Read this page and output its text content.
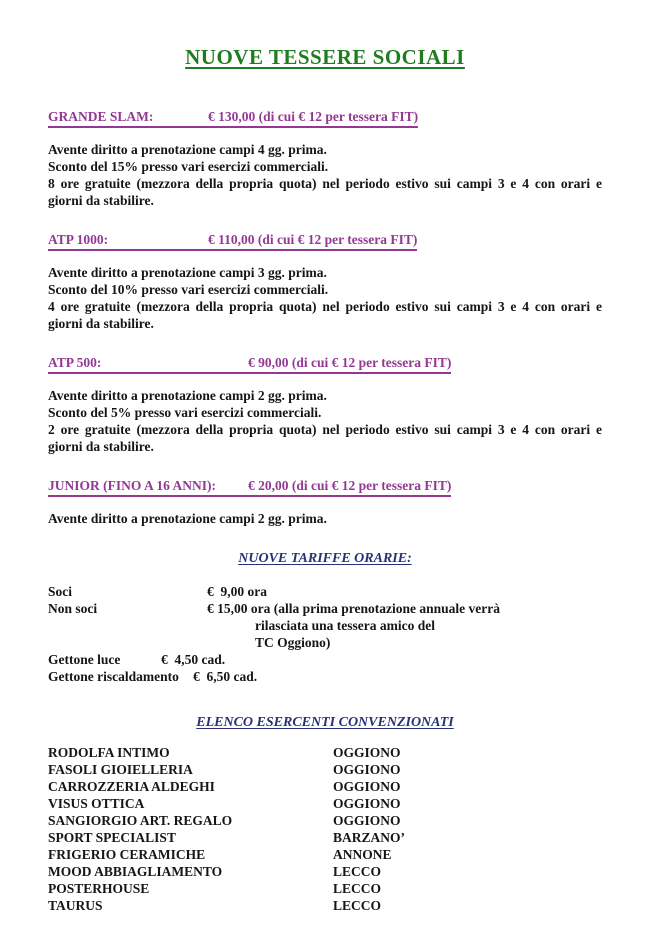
NUOVE TESSERE SOCIALI
GRANDE SLAM:	€ 130,00 (di cui € 12 per tessera FIT)
Avente diritto a prenotazione campi 4 gg. prima.
Sconto del 15% presso vari esercizi commerciali.
8 ore gratuite (mezzora della propria quota) nel periodo estivo sui campi 3 e 4 con orari e
giorni da stabilire.
ATP 1000:	€ 110,00 (di cui € 12 per tessera FIT)
Avente diritto a prenotazione campi 3 gg. prima.
Sconto del 10% presso vari esercizi commerciali.
4 ore gratuite (mezzora della propria quota) nel periodo estivo sui campi 3 e 4 con orari e
giorni da stabilire.
ATP 500:	€ 90,00 (di cui € 12 per tessera FIT)
Avente diritto a prenotazione campi 2 gg. prima.
Sconto del 5% presso vari esercizi commerciali.
2 ore gratuite (mezzora della propria quota) nel periodo estivo sui campi 3 e 4 con orari e
giorni da stabilire.
JUNIOR (FINO A 16 ANNI): € 20,00 (di cui € 12 per tessera FIT)
Avente diritto a prenotazione campi 2 gg. prima.
NUOVE TARIFFE ORARIE:
Soci	€  9,00 ora
Non soci	€ 15,00 ora (alla prima prenotazione annuale verrà
rilasciata una tessera amico del
TC Oggiono)
Gettone luce	€  4,50 cad.
Gettone riscaldamento	€  6,50 cad.
ELENCO ESERCENTI CONVENZIONATI
RODOLFA INTIMO	OGGIONO
FASOLI GIOIELLERIA	OGGIONO
CARROZZERIA ALDEGHI	OGGIONO
VISUS OTTICA	OGGIONO
SANGIORGIO ART. REGALO	OGGIONO
SPORT SPECIALIST	BARZANO’
FRIGERIO CERAMICHE	ANNONE
MOOD ABBIAGLIAMENTO	LECCO
POSTERHOUSE	LECCO
TAURUS	LECCO
